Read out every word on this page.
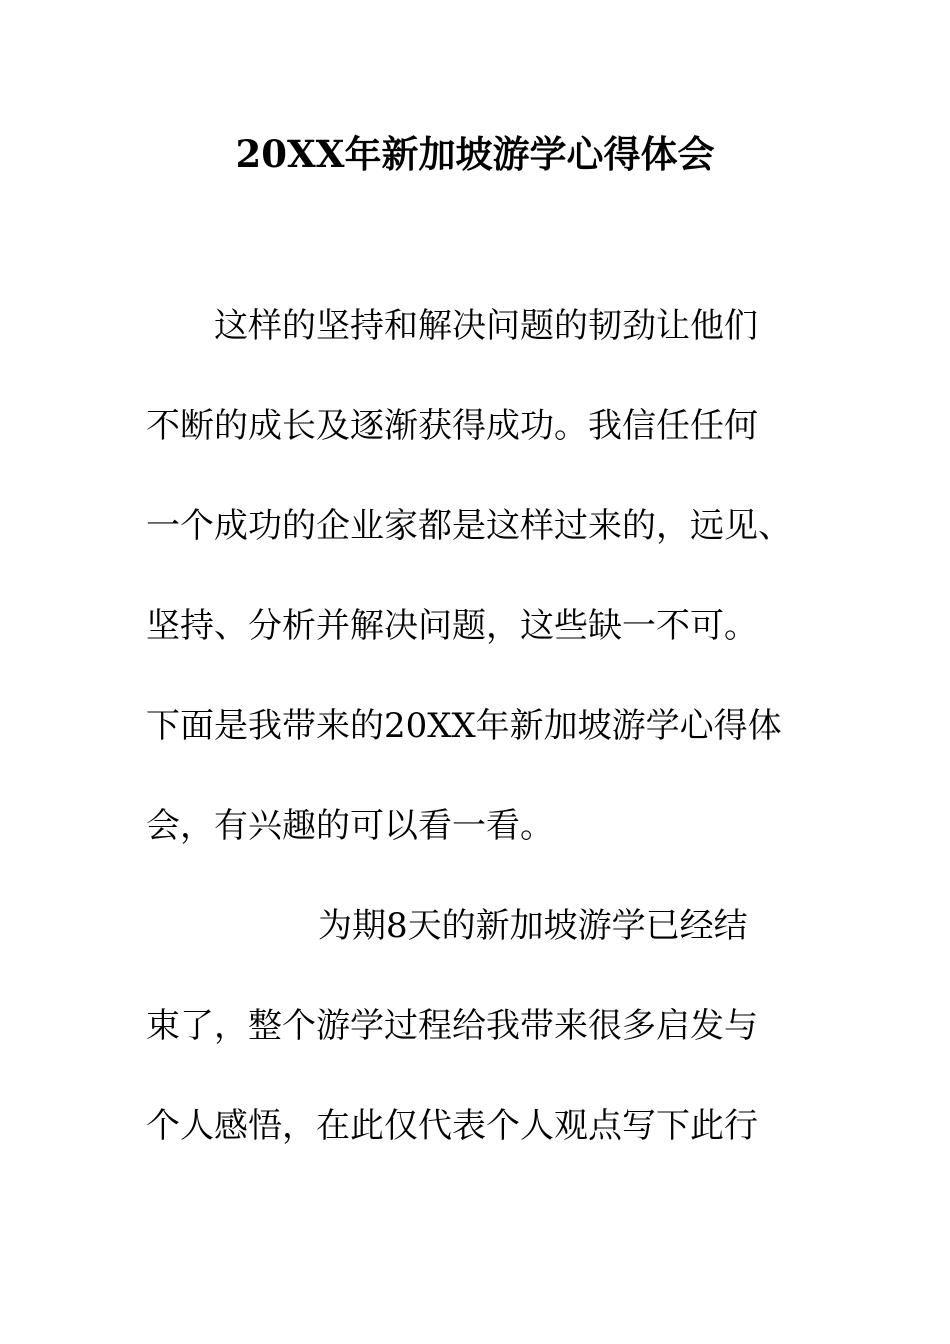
20XX年新加坡游学心得体会
这样的坚持和解决问题的韧劲让他们
不断的成长及逐渐获得成功。我信任任何
一个成功的企业家都是这样过来的，远见、
坚持、分析并解决问题，这些缺一不可。
下面是我带来的20XX年新加坡游学心得体
会，有兴趣的可以看一看。
为期8天的新加坡游学已经结
束了，整个游学过程给我带来很多启发与
个人感悟，在此仅代表个人观点写下此行
